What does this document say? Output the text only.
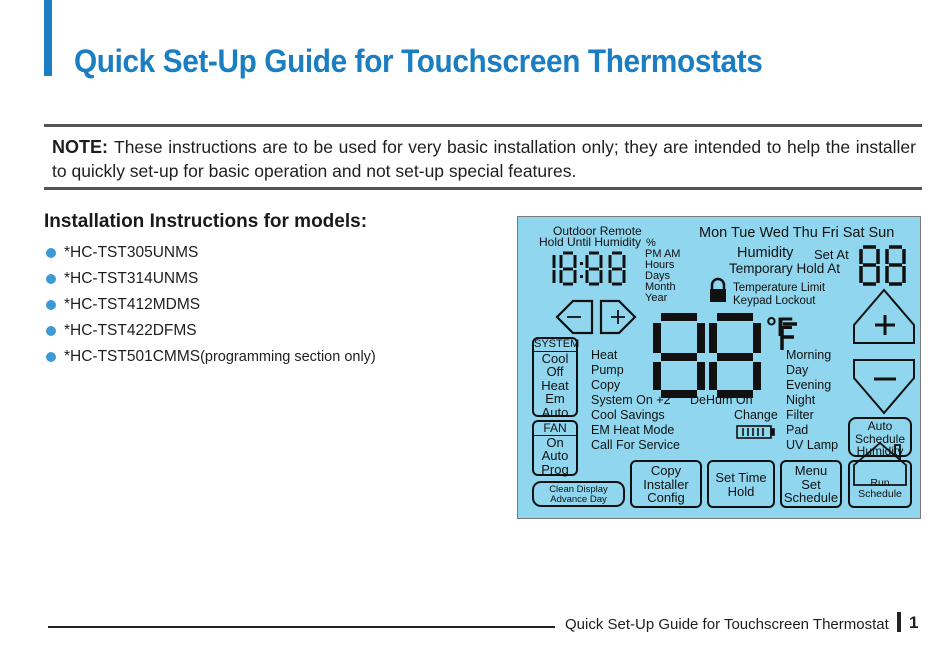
Quick Set-Up Guide for Touchscreen Thermostats
NOTE: These instructions are to be used for very basic installation only; they are intended to help the installer to quickly set-up for basic operation and not set-up special features.
Installation Instructions for models:
*HC-TST305UNMS
*HC-TST314UNMS
*HC-TST412MDMS
*HC-TST422DFMS
*HC-TST501CMMS(programming section only)
Outdoor Remote
Hold Until Humidity %
PM AM
Hours
Days
Month
Year
Mon Tue Wed Thu Fri Sat Sun
Humidity Set At
Temporary Hold At
Temperature Limit
Keypad Lockout
°F
SYSTEM
Cool
Off
Heat
Em
Auto
Heat
Pump
Copy
System On +2
Cool Savings
EM Heat Mode
Call For Service
DeHum On
Change
Morning
Day
Evening
Night
Filter
Pad
UV Lamp
FAN
On
Auto
Prog
Clean Display
Advance Day
Copy
Installer
Config
Set Time
Hold
Menu
Set
Schedule
Auto
Schedule
Humidity
Run
Schedule
Quick Set-Up Guide for Touchscreen Thermostat 1
